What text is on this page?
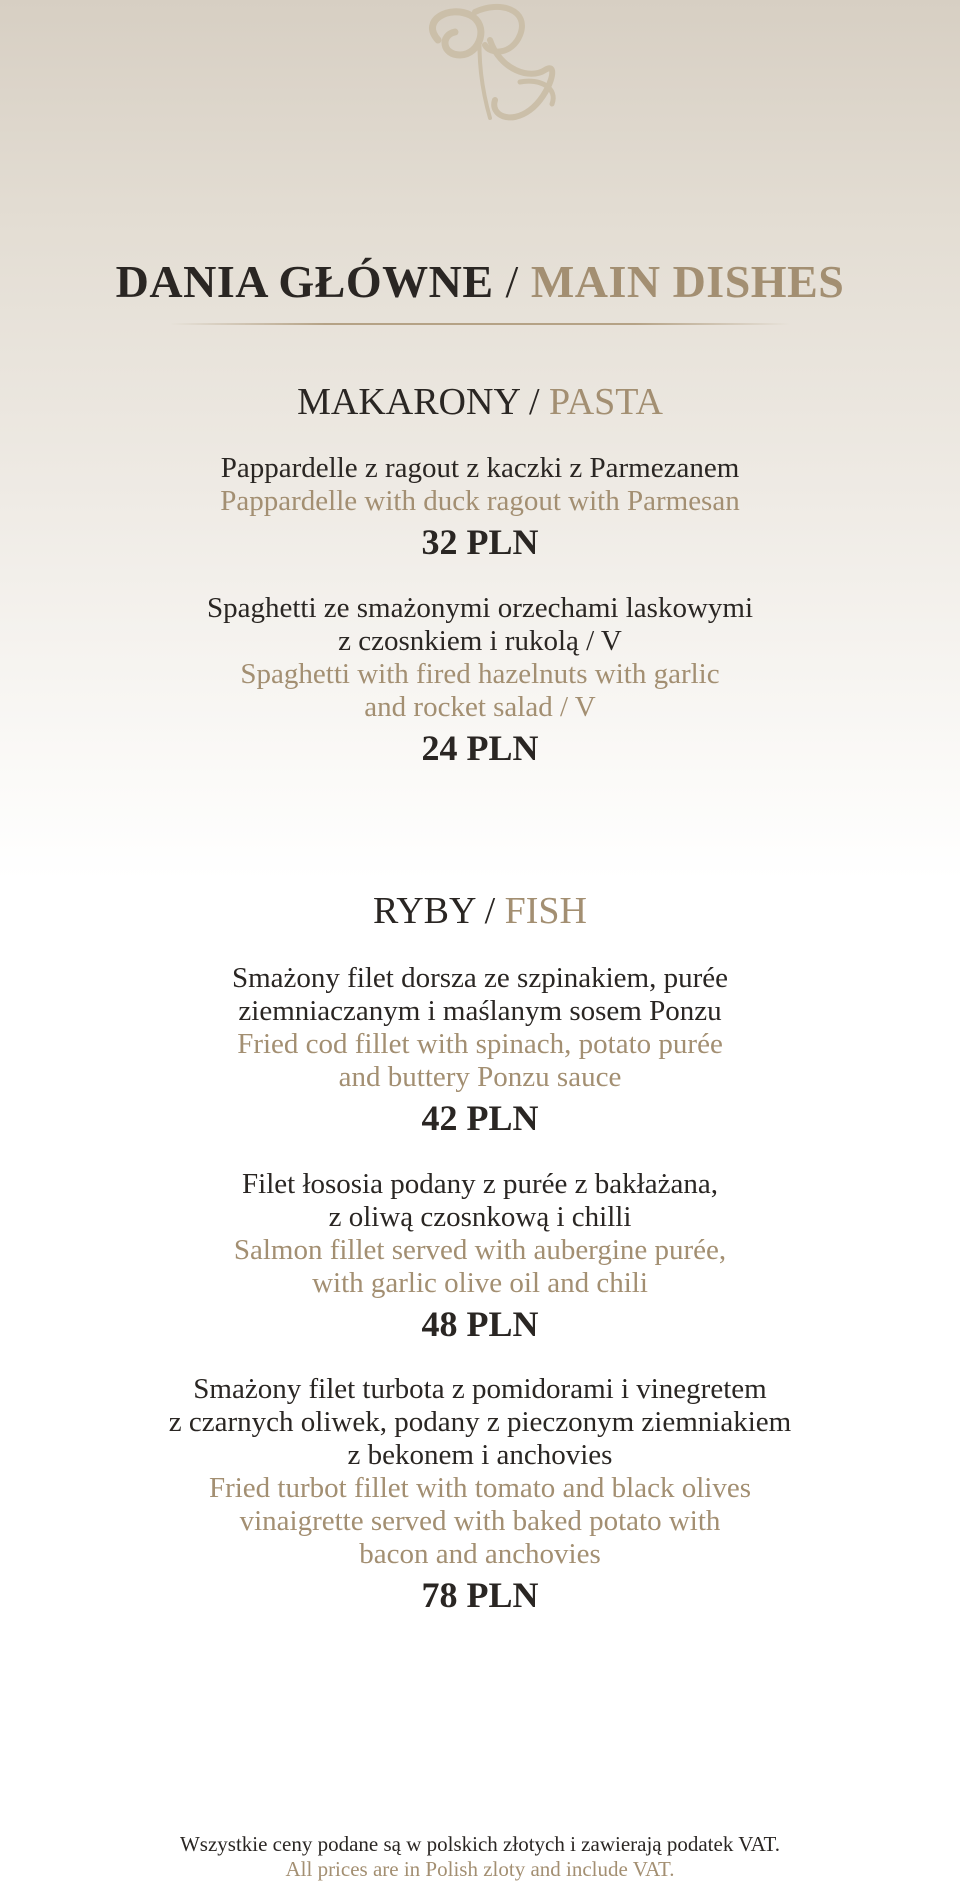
DANIA GŁÓWNE / MAIN DISHES
MAKARONY / PASTA
Pappardelle z ragout z kaczki z Parmezanem
Pappardelle with duck ragout with Parmesan
32 PLN
Spaghetti ze smażonymi orzechami laskowymi
z czosnkiem i rukolą / V
Spaghetti with fired hazelnuts with garlic
and rocket salad / V
24 PLN
RYBY / FISH
Smażony filet dorsza ze szpinakiem, purée
ziemniaczanym i maślanym sosem Ponzu
Fried cod fillet with spinach, potato purée
and buttery Ponzu sauce
42 PLN
Filet łososia podany z purée z bakłażana,
z oliwą czosnkową i chilli
Salmon fillet served with aubergine purée,
with garlic olive oil and chili
48 PLN
Smażony filet turbota z pomidorami i vinegretem
z czarnych oliwek, podany z pieczonym ziemniakiem
z bekonem i anchovies
Fried turbot fillet with tomato and black olives
vinaigrette served with baked potato with
bacon and anchovies
78 PLN
Wszystkie ceny podane są w polskich złotych i zawierają podatek VAT.
All prices are in Polish zloty and include VAT.
